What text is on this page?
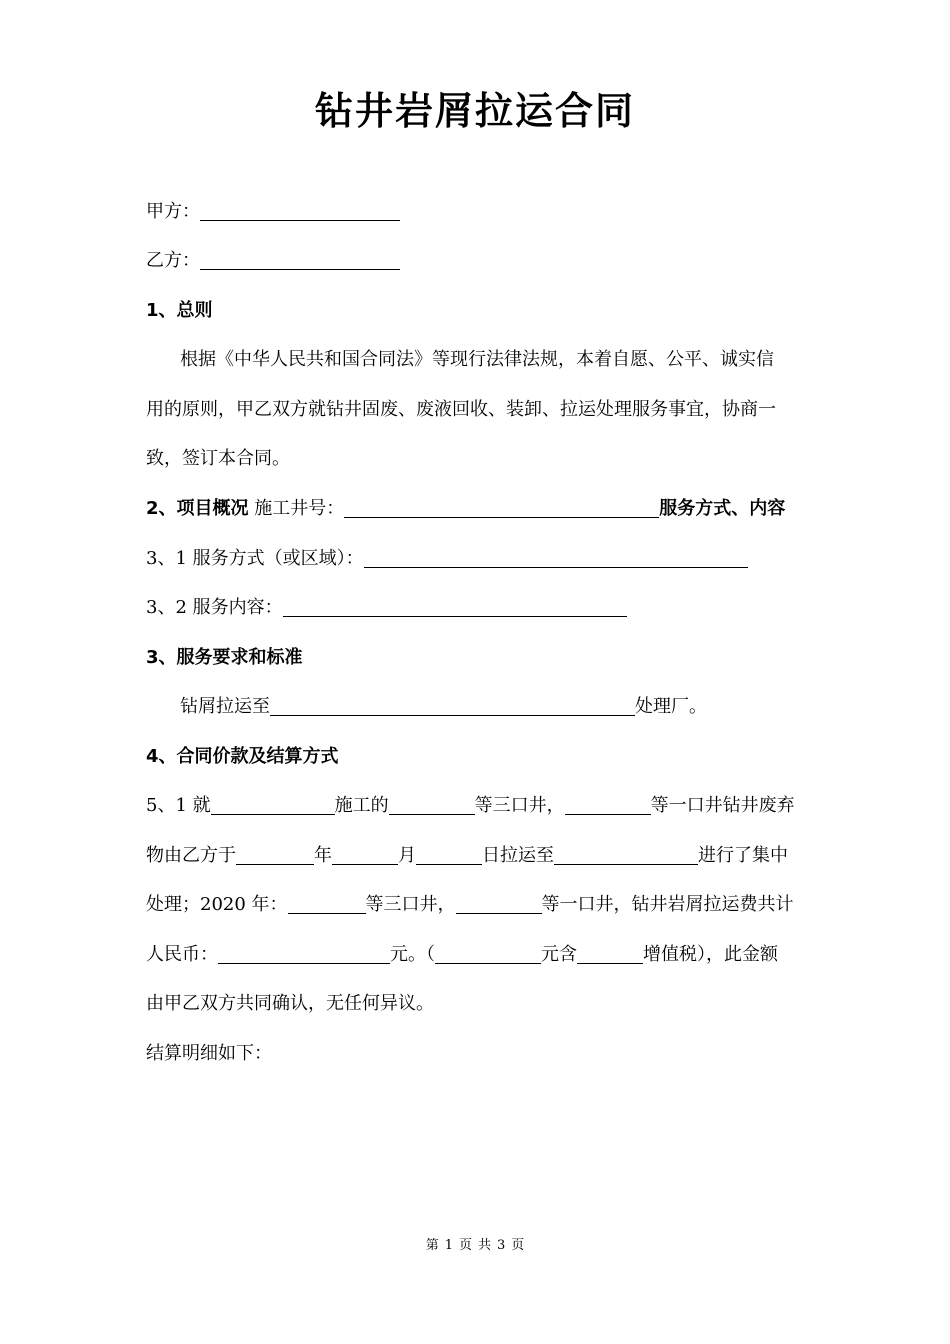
钻井岩屑拉运合同
甲方：
乙方：
1、总则
根据《中华人民共和国合同法》等现行法律法规，本着自愿、公平、诚实信
用的原则，甲乙双方就钻井固废、废液回收、装卸、拉运处理服务事宜，协商一
致，签订本合同。
2、项目概况 施工井号：	服务方式、内容
3、1 服务方式（或区域）：
3、2 服务内容：
3、服务要求和标准
钻屑拉运至	处理厂。
4、合同价款及结算方式
5、1 就	施工的	等三口井，	等一口井钻井废弃
物由乙方于	年	月	日拉运至	进行了集中
处理；2020 年：	等三口井，	等一口井，钻井岩屑拉运费共计
人民币：	元。（	元含	增值税），此金额
由甲乙双方共同确认，无任何异议。
结算明细如下：
第 1 页 共 3 页
